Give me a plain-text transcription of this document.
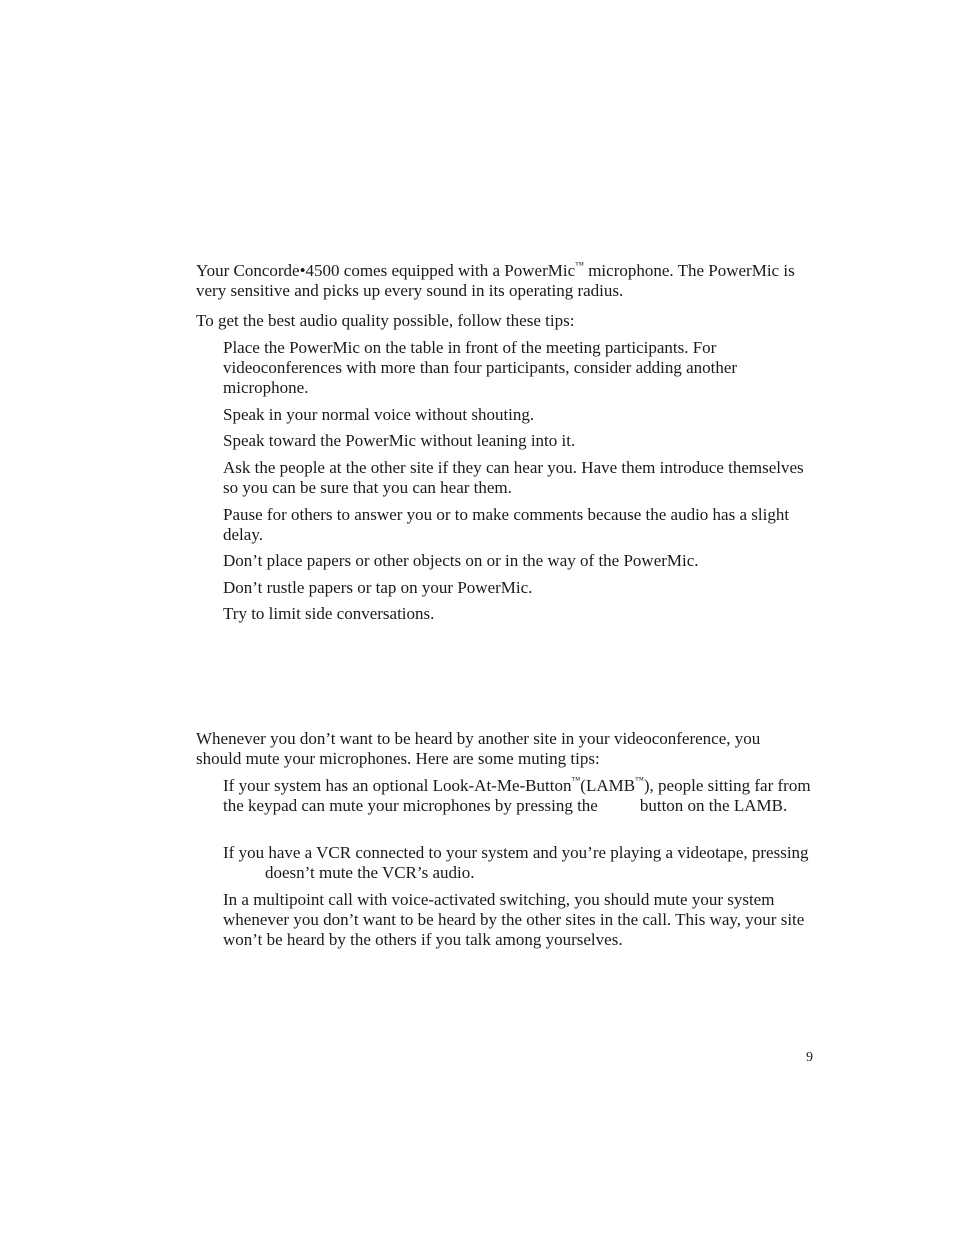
Your Concorde•4500 comes equipped with a PowerMic™ microphone. The PowerMic is very sensitive and picks up every sound in its operating radius.

To get the best audio quality possible, follow these tips:

Place the PowerMic on the table in front of the meeting participants. For videoconferences with more than four participants, consider adding another microphone.

Speak in your normal voice without shouting.

Speak toward the PowerMic without leaning into it.

Ask the people at the other site if they can hear you. Have them introduce themselves so you can be sure that you can hear them.

Pause for others to answer you or to make comments because the audio has a slight delay.

Don’t place papers or other objects on or in the way of the PowerMic.

Don’t rustle papers or tap on your PowerMic.

Try to limit side conversations.

Whenever you don’t want to be heard by another site in your videoconference, you should mute your microphones. Here are some muting tips:

If your system has an optional Look-At-Me-Button™(LAMB™), people sitting far from the keypad can mute your microphones by pressing the button on the LAMB.

If you have a VCR connected to your system and you’re playing a videotape, pressingdoesn’t mute the VCR’s audio.

In a multipoint call with voice-activated switching, you should mute your system whenever you don’t want to be heard by the other sites in the call. This way, your site won’t be heard by the others if you talk among yourselves.

9
